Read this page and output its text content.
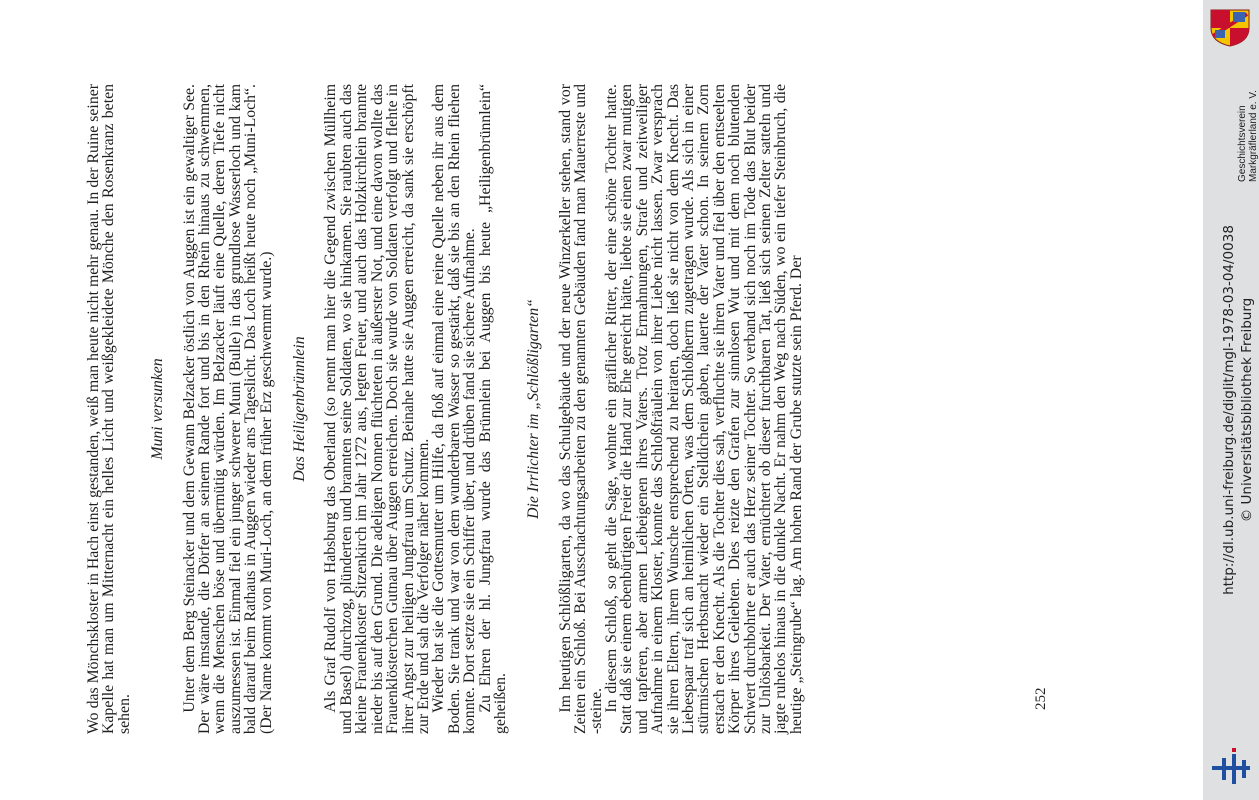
Wo das Mönchskloster in Hach einst gestanden, weiß man heute nicht mehr genau. In der Ruine seiner Kapelle hat man um Mitternacht ein helles Licht und weißgekleidete Mönche den Rosenkranz beten sehen.

Muni versunken Unter dem Berg Steinacker und dem Gewann Belzacker östlich von Auggen ist ein gewaltiger See. Der wäre imstande, die Dörfer an seinem Rande fort und bis in den Rhein hinaus zu schwemmen, wenn die Menschen böse und übermütig würden. Im Belzacker läuft eine Quelle, deren Tiefe nicht auszumessen ist. Einmal fiel ein junger schwerer Muni (Bulle) in das grundlose Wasserloch und kam bald darauf beim Rathaus in Auggen wieder ans Tageslicht. Das Loch heißt heute noch „Muni-Loch“. (Der Name kommt von Muri-Loch, an dem früher Erz geschwemmt wurde.) Das Heiligenbrünnlein Als Graf Rudolf von Habsburg das Oberland (so nennt man hier die Gegend zwischen Müllheim und Basel) durchzog, plünderten und brannten seine Soldaten, wo sie hinkamen. Sie raubten auch das kleine Frauenkloster Sitzenkirch im Jahr 1272 aus, legten Feuer, und auch das Holzkirchlein brannte nieder bis auf den Grund. Die adeligen Nonnen flüchteten in äußerster Not, und eine davon wollte das Frauenklösterchen Gutnau über Auggen erreichen. Doch sie wurde von Soldaten verfolgt und flehte in ihrer Angst zur heiligen Jungfrau um Schutz. Beinahe hatte sie Auggen erreicht, da sank sie erschöpft zur Erde und sah die Verfolger näher kommen.

Wieder bat sie die Gottesmutter um Hilfe, da floß auf einmal eine reine Quelle neben ihr aus dem Boden. Sie trank und war von dem wunderbaren Wasser so gestärkt, daß sie bis an den Rhein fliehen konnte. Dort setzte sie ein Schiffer über, und drüben fand sie sichere Aufnahme.

Zu Ehren der hl. Jungfrau wurde das Brünnlein bei Auggen bis heute „Heiligenbrünnlein“ geheißen.

Die Irrlichter im „Schlößligarten“ Im heutigen Schlößligarten, da wo das Schulgebäude und der neue Winzerkeller stehen, stand vor Zeiten ein Schloß. Bei Ausschachtungsarbeiten zu den genannten Gebäuden fand man Mauerreste und -steine.

In diesem Schloß, so geht die Sage, wohnte ein gräflicher Ritter, der eine schöne Tochter hatte. Statt daß sie einem ebenbürtigen Freier die Hand zur Ehe gereicht hätte, liebte sie einen zwar mutigen und tapferen, aber armen Leibeigenen ihres Vaters. Trotz Ermahnungen, Strafe und zeitweiliger Aufnahme in einem Kloster, konnte das Schloßfräulein von ihrer Liebe nicht lassen. Zwar versprach sie ihren Eltern, ihrem Wunsche entsprechend zu heiraten, doch ließ sie nicht von dem Knecht. Das Liebespaar traf sich an heimlichen Orten, was dem Schloßherrn zugetragen wurde. Als sich in einer stürmischen Herbstnacht wieder ein Stelldichein gaben, lauerte der Vater schon. In seinem Zorn erstach er den Knecht. Als die Tochter dies sah, verfluchte sie ihren Vater und fiel über den entseelten Körper ihres Geliebten. Dies reizte den Grafen zur sinnlosen Wut und mit dem noch blutenden Schwert durchbohrte er auch das Herz seiner Tochter. So verband sich noch im Tode das Blut beider zur Unlösbarkeit. Der Vater, ernüchtert ob dieser furchtbaren Tat, ließ sich seinen Zelter satteln und jagte ruhelos hinaus in die dunkle Nacht. Er nahm den Weg nach Süden, wo ein tiefer Steinbruch, die heutige „Steingrube“ lag. Am hohen Rand der Grube stutzte sein Pferd. Der	252
http://dl.ub.uni-freiburg.de/diglit/mgl-1978-03-04/0038 © Universitätsbibliothek Freiburg
Geschichtsverein Markgräflerland e. V.
